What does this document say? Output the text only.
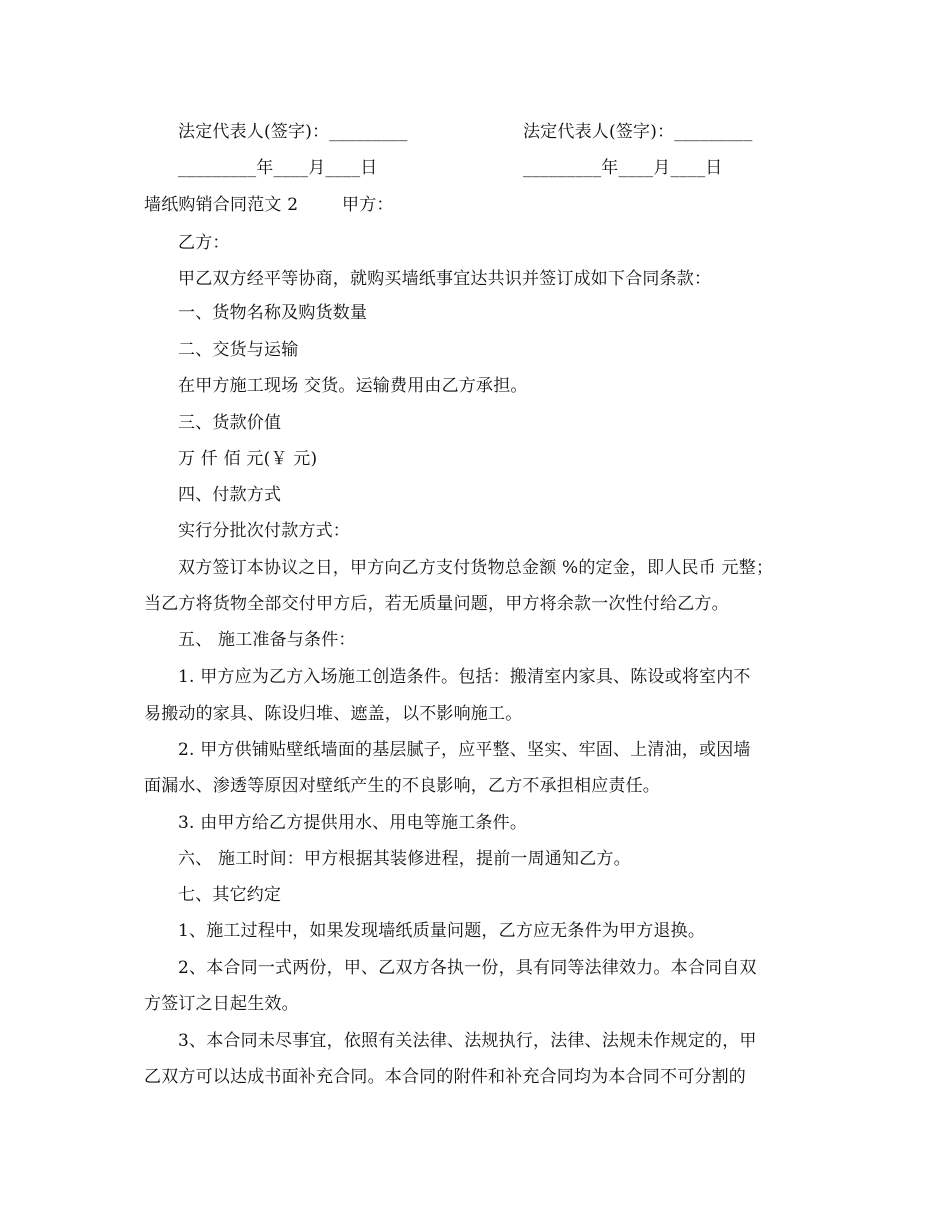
法定代表人(签字)：_________	法定代表人(签字)：_________
_________年____月____日	_________年____月____日
墙纸购销合同范文 2	甲方：
乙方：
甲乙双方经平等协商，就购买墙纸事宜达共识并签订成如下合同条款：
一、货物名称及购货数量
二、交货与运输
在甲方施工现场 交货。运输费用由乙方承担。
三、货款价值
万 仟 佰 元(￥ 元)
四、付款方式
实行分批次付款方式：
双方签订本协议之日，甲方向乙方支付货物总金额 %的定金，即人民币 元整；
当乙方将货物全部交付甲方后，若无质量问题，甲方将余款一次性付给乙方。
五、 施工准备与条件：
1. 甲方应为乙方入场施工创造条件。包括：搬清室内家具、陈设或将室内不
易搬动的家具、陈设归堆、遮盖，以不影响施工。
2. 甲方供铺贴壁纸墙面的基层腻子，应平整、坚实、牢固、上清油，或因墙
面漏水、渗透等原因对壁纸产生的不良影响，乙方不承担相应责任。
3. 由甲方给乙方提供用水、用电等施工条件。
六、 施工时间：甲方根据其装修进程，提前一周通知乙方。
七、其它约定
1、施工过程中，如果发现墙纸质量问题，乙方应无条件为甲方退换。
2、本合同一式两份，甲、乙双方各执一份，具有同等法律效力。本合同自双
方签订之日起生效。
3、本合同未尽事宜，依照有关法律、法规执行，法律、法规未作规定的，甲
乙双方可以达成书面补充合同。本合同的附件和补充合同均为本合同不可分割的
